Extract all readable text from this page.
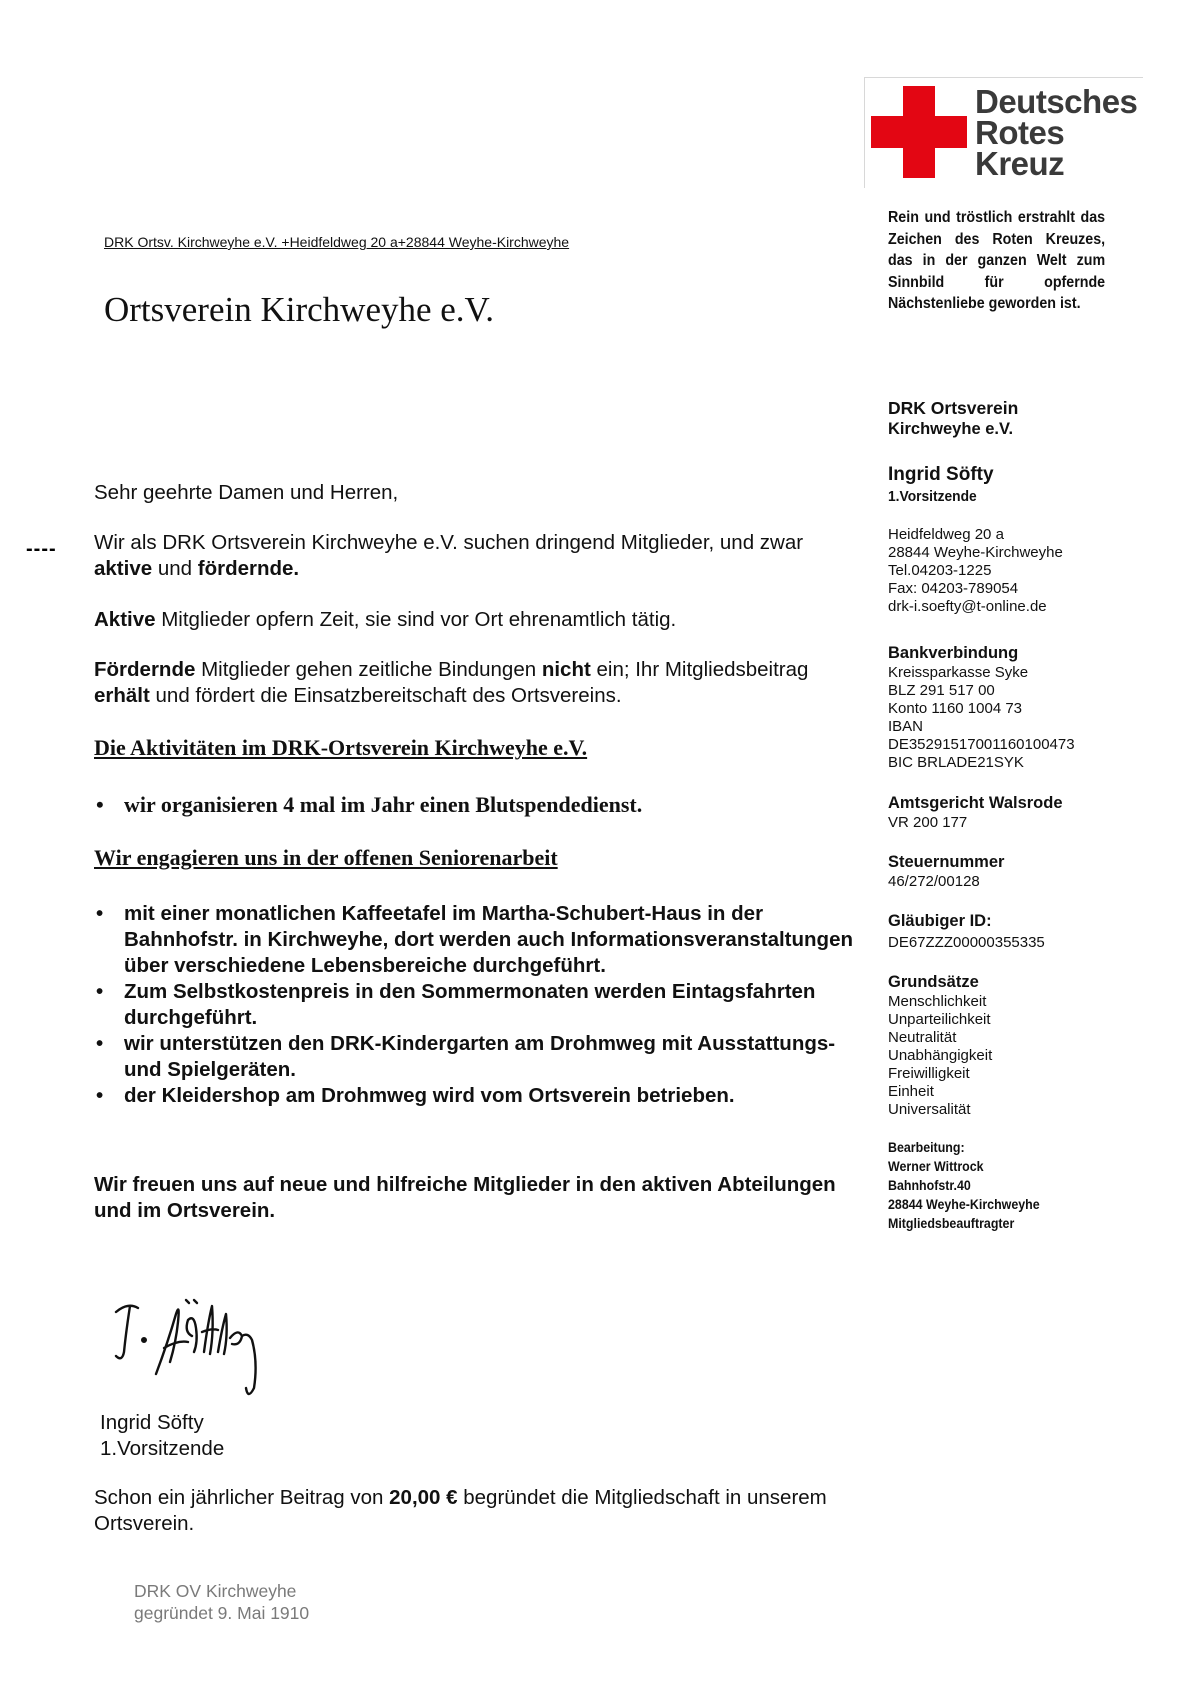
Deutsches
Rotes
Kreuz
Rein und tröstlich erstrahlt das Zeichen des Roten Kreuzes, das in der ganzen Welt zum Sinnbild für opfernde Nächstenliebe geworden ist.
DRK Ortsv. Kirchweyhe e.V. +Heidfeldweg 20 a+28844 Weyhe-Kirchweyhe
Ortsverein Kirchweyhe e.V.
----
Sehr geehrte Damen und Herren,
Wir als DRK Ortsverein Kirchweyhe e.V. suchen dringend Mitglieder, und zwar aktive und fördernde.
Aktive Mitglieder opfern Zeit, sie sind vor Ort ehrenamtlich tätig.
Fördernde Mitglieder gehen zeitliche Bindungen nicht ein; Ihr Mitgliedsbeitrag erhält und fördert die Einsatzbereitschaft des Ortsvereins.
Die Aktivitäten im DRK-Ortsverein Kirchweyhe e.V.
• wir organisieren 4 mal im Jahr einen Blutspendedienst.
Wir engagieren uns in der offenen Seniorenarbeit
• mit einer monatlichen Kaffeetafel im Martha-Schubert-Haus in der Bahnhofstr. in Kirchweyhe, dort werden auch Informationsveranstaltungen über verschiedene Lebensbereiche durchgeführt.
• Zum Selbstkostenpreis in den Sommermonaten werden Eintagsfahrten durchgeführt.
• wir unterstützen den DRK-Kindergarten am Drohmweg mit Ausstattungs-und Spielgeräten.
• der Kleidershop am Drohmweg wird vom Ortsverein betrieben.
Wir freuen uns auf neue und hilfreiche Mitglieder in den aktiven Abteilungen und im Ortsverein.
Ingrid Söfty
1.Vorsitzende
Schon ein jährlicher Beitrag von 20,00 € begründet die Mitgliedschaft in unserem Ortsverein.
DRK OV Kirchweyhe
gegründet 9. Mai 1910
DRK Ortsverein
Kirchweyhe e.V.
Ingrid Söfty
1.Vorsitzende
Heidfeldweg 20 a
28844 Weyhe-Kirchweyhe
Tel.04203-1225
Fax: 04203-789054
drk-i.soefty@t-online.de
Bankverbindung
Kreissparkasse Syke
BLZ 291 517 00
Konto 1160 1004 73
IBAN
DE35291517001160100473
BIC BRLADE21SYK
Amtsgericht Walsrode
VR 200 177
Steuernummer
46/272/00128
Gläubiger ID:
DE67ZZZ00000355335
Grundsätze
Menschlichkeit
Unparteilichkeit
Neutralität
Unabhängigkeit
Freiwilligkeit
Einheit
Universalität
Bearbeitung:
Werner Wittrock
Bahnhofstr.40
28844 Weyhe-Kirchweyhe
Mitgliedsbeauftragter
